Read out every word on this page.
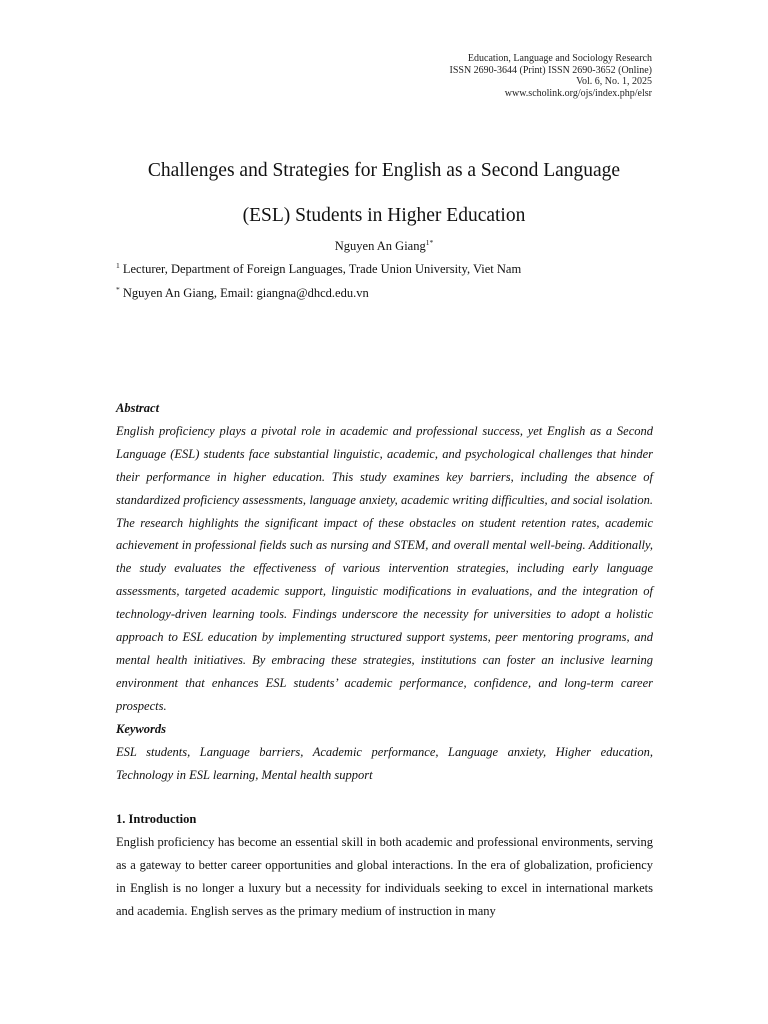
Education, Language and Sociology Research
ISSN 2690-3644 (Print) ISSN 2690-3652 (Online)
Vol. 6, No. 1, 2025
www.scholink.org/ojs/index.php/elsr
Challenges and Strategies for English as a Second Language
(ESL) Students in Higher Education
Nguyen An Giang$^{1*}$
$^1$ Lecturer, Department of Foreign Languages, Trade Union University, Viet Nam
* Nguyen An Giang, Email: giangna@dhcd.edu.vn
Abstract
English proficiency plays a pivotal role in academic and professional success, yet English as a Second Language (ESL) students face substantial linguistic, academic, and psychological challenges that hinder their performance in higher education. This study examines key barriers, including the absence of standardized proficiency assessments, language anxiety, academic writing difficulties, and social isolation. The research highlights the significant impact of these obstacles on student retention rates, academic achievement in professional fields such as nursing and STEM, and overall mental well-being. Additionally, the study evaluates the effectiveness of various intervention strategies, including early language assessments, targeted academic support, linguistic modifications in evaluations, and the integration of technology-driven learning tools. Findings underscore the necessity for universities to adopt a holistic approach to ESL education by implementing structured support systems, peer mentoring programs, and mental health initiatives. By embracing these strategies, institutions can foster an inclusive learning environment that enhances ESL students’ academic performance, confidence, and long-term career prospects.
Keywords
ESL students, Language barriers, Academic performance, Language anxiety, Higher education, Technology in ESL learning, Mental health support
1. Introduction
English proficiency has become an essential skill in both academic and professional environments, serving as a gateway to better career opportunities and global interactions. In the era of globalization, proficiency in English is no longer a luxury but a necessity for individuals seeking to excel in international markets and academia. English serves as the primary medium of instruction in many
